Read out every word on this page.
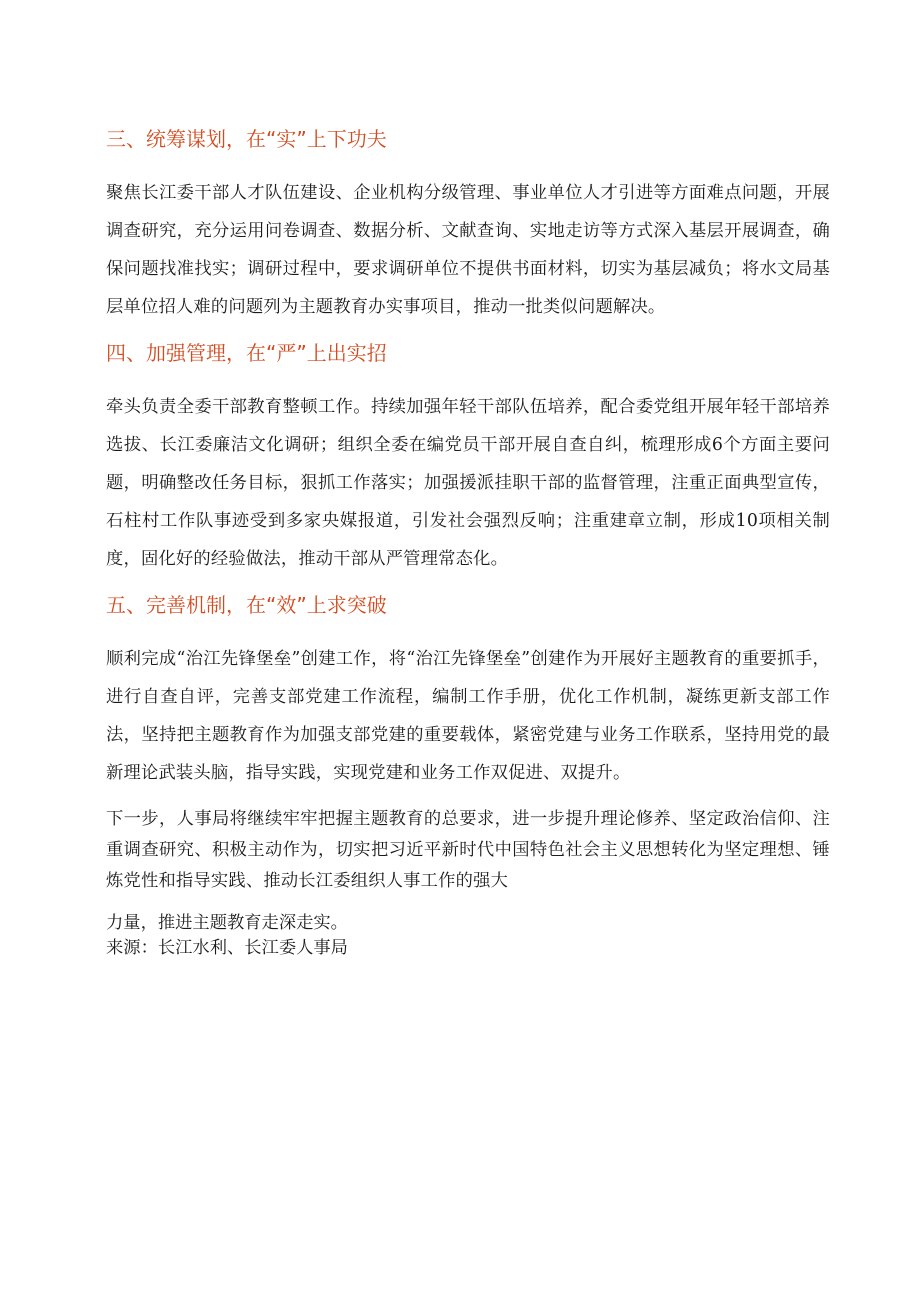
三、统筹谋划，在“实”上下功夫

聚焦长江委干部人才队伍建设、企业机构分级管理、事业单位人才引进等方面难点问题，开展调查研究，充分运用问卷调查、数据分析、文献查询、实地走访等方式深入基层开展调查，确保问题找准找实；调研过程中，要求调研单位不提供书面材料，切实为基层减负；将水文局基层单位招人难的问题列为主题教育办实事项目，推动一批类似问题解决。

四、加强管理，在“严”上出实招

牵头负责全委干部教育整顿工作。持续加强年轻干部队伍培养，配合委党组开展年轻干部培养选拔、长江委廉洁文化调研；组织全委在编党员干部开展自查自纠，梳理形成6个方面主要问题，明确整改任务目标，狠抓工作落实；加强援派挂职干部的监督管理，注重正面典型宣传，石柱村工作队事迹受到多家央媒报道，引发社会强烈反响；注重建章立制，形成10项相关制度，固化好的经验做法，推动干部从严管理常态化。

五、完善机制，在“效”上求突破

顺利完成“治江先锋堡垒”创建工作，将“治江先锋堡垒”创建作为开展好主题教育的重要抓手，进行自查自评，完善支部党建工作流程，编制工作手册，优化工作机制，凝练更新支部工作法，坚持把主题教育作为加强支部党建的重要载体，紧密党建与业务工作联系，坚持用党的最新理论武装头脑，指导实践，实现党建和业务工作双促进、双提升。

下一步，人事局将继续牢牢把握主题教育的总要求，进一步提升理论修养、坚定政治信仰、注重调查研究、积极主动作为，切实把习近平新时代中国特色社会主义思想转化为坚定理想、锤炼党性和指导实践、推动长江委组织人事工作的强大

力量，推进主题教育走深走实。

来源：长江水利、长江委人事局
